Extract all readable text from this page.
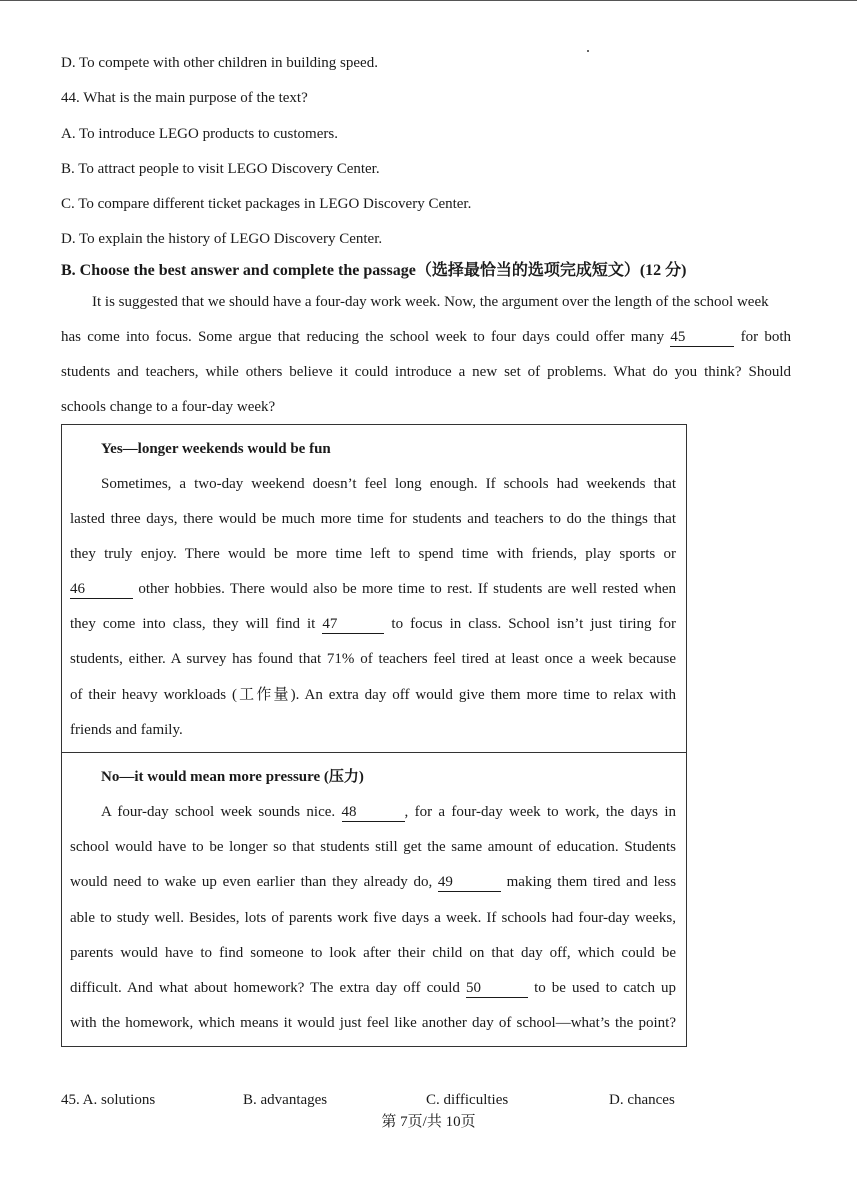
D. To compete with other children in building speed.
44. What is the main purpose of the text?
A. To introduce LEGO products to customers.
B. To attract people to visit LEGO Discovery Center.
C. To compare different ticket packages in LEGO Discovery Center.
D. To explain the history of LEGO Discovery Center.
B. Choose the best answer and complete the passage（选择最恰当的选项完成短文）(12 分)
It is suggested that we should have a four-day work week. Now, the argument over the length of the school week
has come into focus. Some argue that reducing the school week to four days could offer many 45	for both
students and teachers, while others believe it could introduce a new set of problems. What do you think? Should
schools change to a four-day week?
Yes—longer weekends would be fun
Sometimes, a two-day weekend doesn’t feel long enough. If schools had weekends that
lasted three days, there would be much more time for students and teachers to do the things that
they truly enjoy. There would be more time left to spend time with friends, play sports or
46	other hobbies. There would also be more time to rest. If students are well rested when
they come into class, they will find it 47	to focus in class. School isn’t just tiring for
students, either. A survey has found that 71% of teachers feel tired at least once a week because
of their heavy workloads (工作量). An extra day off would give them more time to relax with
friends and family.
No—it would mean more pressure (压力)
A four-day school week sounds nice. 48	, for a four-day week to work, the days in
school would have to be longer so that students still get the same amount of education. Students
would need to wake up even earlier than they already do, 49	making them tired and less
able to study well. Besides, lots of parents work five days a week. If schools had four-day weeks,
parents would have to find someone to look after their child on that day off, which could be
difficult. And what about homework? The extra day off could 50	to be used to catch up
with the homework, which means it would just feel like another day of school—what’s the point?
45. A. solutions	B. advantages	C. difficulties	D. chances
第 7页/共 10页
